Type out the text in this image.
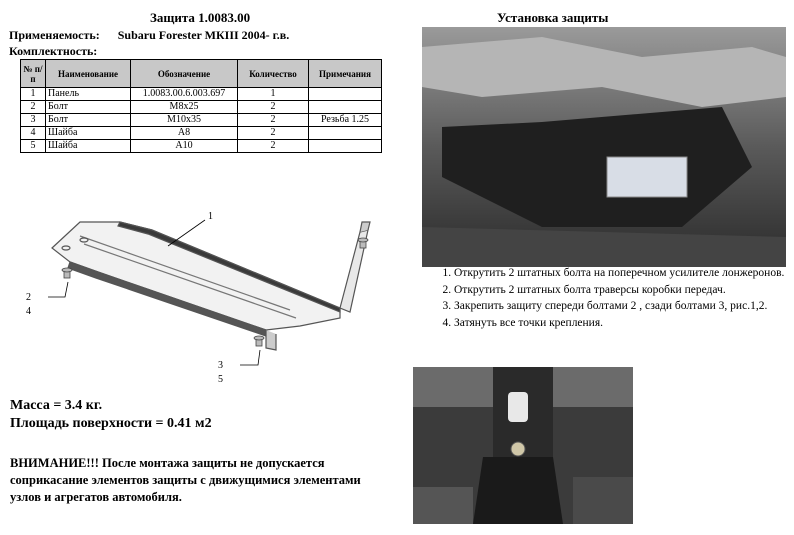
Защита 1.0083.00
Применяемость: Subaru Forester МКIII 2004- г.в.
Комплектность:
№ п/п	Наименование	Обозначение	Количество	Примечания
1	Панель	1.0083.00.6.003.697	1	
2	Болт	М8х25	2	
3	Болт	М10х35	2	Резьба 1.25
4	Шайба	А8	2	
5	Шайба	А10	2	
1
2
4
3
5
Масса = 3.4 кг.
Площадь поверхности = 0.41 м2
ВНИМАНИЕ!!! После монтажа защиты не допускается соприкасание элементов защиты с движущимися элементами узлов и агрегатов автомобиля.
Установка защиты
1. Открутить 2 штатных болта на поперечном усилителе лонжеронов.
2. Открутить 2 штатных болта траверсы коробки передач.
3. Закрепить защиту спереди болтами 2 , сзади болтами 3, рис.1,2.
4. Затянуть все точки крепления.
